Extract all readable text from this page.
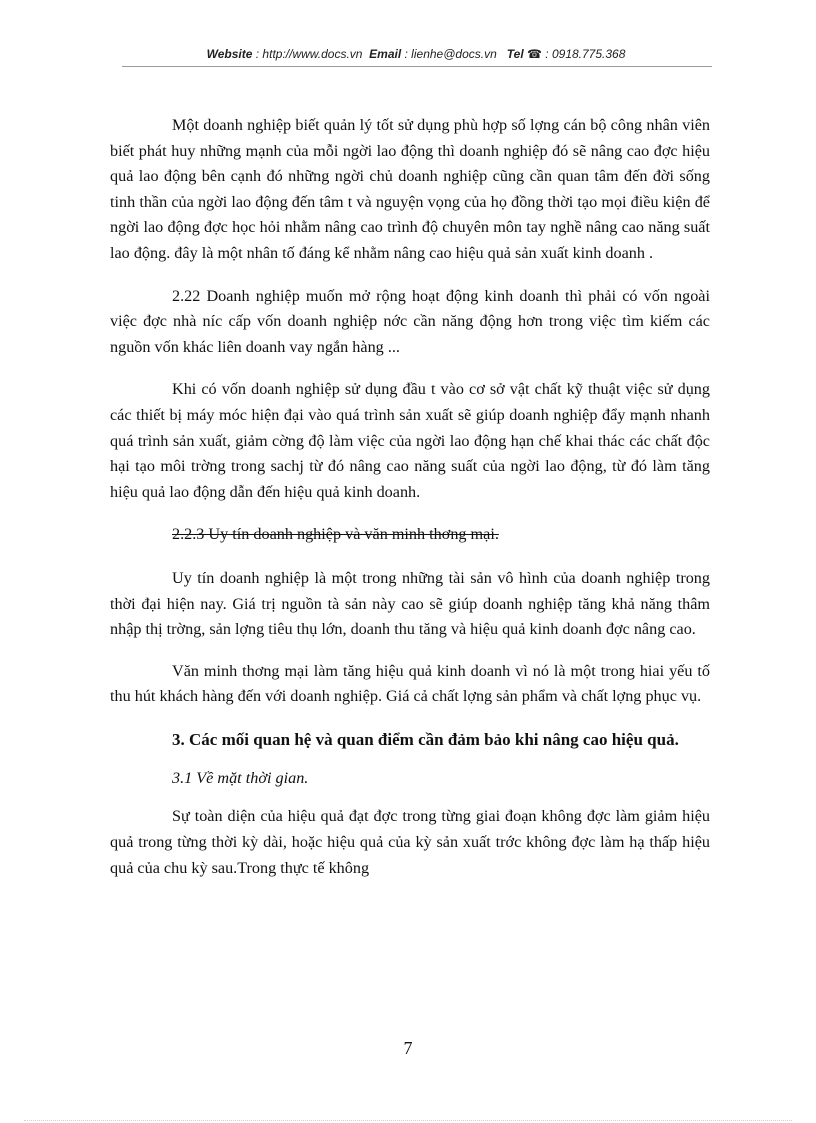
Website : http://www.docs.vn Email : lienhe@docs.vn Tel ☎ : 0918.775.368

Một doanh nghiệp biết quản lý tốt sử dụng phù hợp số lợng cán bộ công nhân viên biết phát huy những mạnh của mỗi ngời lao động thì doanh nghiệp đó sẽ nâng cao đợc hiệu quả lao động bên cạnh đó những ngời chủ doanh nghiệp cũng cần quan tâm đến đời sống tinh thần của ngời lao động đến tâm t và nguyện vọng của họ đồng thời tạo mọi điều kiện để ngời lao động đợc học hỏi nhằm nâng cao trình độ chuyên môn tay nghề nâng cao năng suất lao động. đây là một nhân tố đáng kể nhằm nâng cao hiệu quả sản xuất kinh doanh .

2.22 Doanh nghiệp muốn mở rộng hoạt động kinh doanh thì phải có vốn ngoài việc đợc nhà níc cấp vốn doanh nghiệp nớc cần năng động hơn trong việc tìm kiếm các nguồn vốn khác liên doanh vay ngắn hàng ...

Khi có vốn doanh nghiệp sử dụng đầu t vào cơ sở vật chất kỹ thuật việc sử dụng các thiết bị máy móc hiện đại vào quá trình sản xuất sẽ giúp doanh nghiệp đẩy mạnh nhanh quá trình sản xuất, giảm cờng độ làm việc của ngời lao động hạn chế khai thác các chất độc hại tạo môi trờng trong sachj từ đó nâng cao năng suất của ngời lao động, từ đó làm tăng hiệu quả lao động dẫn đến hiệu quả kinh doanh.

2.2.3 Uy tín doanh nghiệp và văn minh thơng mại.

Uy tín doanh nghiệp là một trong những tài sản vô hình của doanh nghiệp trong thời đại hiện nay. Giá trị nguồn tà sản này cao sẽ giúp doanh nghiệp tăng khả năng thâm nhập thị trờng, sản lợng tiêu thụ lớn, doanh thu tăng và hiệu quả kinh doanh đợc nâng cao.

Văn minh thơng mại làm tăng hiệu quả kinh doanh vì nó là một trong hiai yếu tố thu hút khách hàng đến với doanh nghiệp. Giá cả chất lợng sản phẩm và chất lợng phục vụ.

3. Các mối quan hệ và quan điểm cần đảm bảo khi nâng cao hiệu quả.

3.1 Về mặt thời gian.

Sự toàn diện của hiệu quả đạt đợc trong từng giai đoạn không đợc làm giảm hiệu quả trong từng thời kỳ dài, hoặc hiệu quả của kỳ sản xuất trớc không đợc làm hạ thấp hiệu quả của chu kỳ sau.Trong thực tế không

7
